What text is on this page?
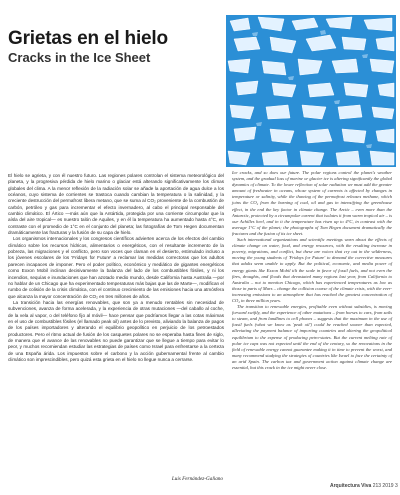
Grietas en el hielo
Cracks in the Ice Sheet

El hielo se agrieta, y con él nuestro futuro. Las regiones polares controlan el sistema meteorológico del planeta, y la progresiva pérdida de hielo marino o glaciar está alterando significativamente los climas globales del clima. A la menor reflexión de la radiación solar se añade la aportación de agua dulce a los océanos, cuyo sistema de corrientes se trastoca cuando cambian la temperatura o la salinidad, y la creciente destrucción del permafrost libera metano, que se suma al CO₂ proveniente de la combustión de carbón, petróleo y gas para incrementar el efecto invernadero, al cabo el principal responsable del cambio climático. El Ártico —más aún que la Antártida, protegida por una corriente circumpolar que la aísla del aire tropical— es nuestro talón de Aquiles, y en él la temperatura ha aumentado hasta 4°C, en contraste con el promedio de 1°C en el conjunto del planeta; las fotografías de Tom Hegen documentan dramáticamente las fracturas y la fusión de su capa de hielo.

Los organismos internacionales y los congresos científicos advierten acerca de los efectos del cambio climático sobre los recursos hídricos, alimentarios o energéticos, con el resultante incremento de la pobreza, las migraciones y el conflicto, pero son voces que claman en el desierto, estimulado incluso a los jóvenes escolares de los 'Fridays for Future' a reclamar las medidas correctoras que los adultos parecen incapaces de imponer. Pero el poder político, económico y mediático de gigantes energéticos como Exxon Mobil inclinan decisivamente la balanza del lado de los combustibles fósiles, y ni los incendios, sequías e inundaciones que han azotado medio mundo, desde California hasta Australia —por no hablar de un Chicago que ha experimentado temperaturas más bajas que las de Marte—, modifican el rumbo de colisión de la crisis climática, con el continuo crecimiento de las emisiones hacia una atmósfera que alcanza la mayor concentración de CO₂ en tres millones de años.

La transición hacia las energías renovables, que son ya a menudo rentables sin necesidad de subvenciones, avanza de forma acelerada, y la experiencia de otras mutaciones —del caballo al coche, de la vela al vapor, o del teléfono fijo al móvil— hace pensar que podríamos llegar a las cotas máximas en el uso de combustibles fósiles (el llamado peak oil) antes de lo previsto, aliviando la balanza de pagos de los países importadores y alterando el equilibrio geopolítico en perjuicio de los petroestados productores. Pero el ritmo actual de fusión de los casquetes polares no se esperaba hasta fines de siglo, de manera que el avance de las renovables no puede garantizar que se llegue a tiempo para evitar lo peor, y muchos recomiendan estudiar las estrategias de países como Israel para enfrentarse a la certeza de una España árida. Los impuestos sobre el carbono y la acción gubernamental frente al cambio climático son imprescindibles, pero quizá esta grieta en el hielo no llegue nunca a cerrarse.

Luis Fernández-Galiano

Ice cracks, and so does our future. The polar regions control the planet's weather system, and the gradual loss of marine or glacier ice is altering significantly the global dynamics of climate. To the lower reflection of solar radiation we must add the greater amount of freshwater in oceans, whose system of currents is affected by changes in temperature or salinity, while the thawing of the permafrost releases methane, which joins the CO₂ from the burning of coal, oil and gas in intensifying the greenhouse effect, in the end the key factor in climate change. The Arctic – even more than the Antarctic, protected by a circumpolar current that isolates it from warm tropical air – is our Achilles heel, and in it the temperature has risen up to 4°C, in contrast with the average 1°C of the planet; the photographs of Tom Hegen document dramatically the fractures and the fusion of its ice sheet.

Such international organizations and scientific meetings warn about the effects of climate change on water, food, and energy resources, with the resulting increase in poverty, migrations, and conflict, but these are voices that cry out in the wilderness, moving the young students of 'Fridays for Future' to demand the corrective measures that adults seem unable to apply. But the political, economic, and media power of energy giants like Exxon Mobil tilt the scale in favor of fossil fuels, and not even the fires, droughts, and floods that devastated many regions last year, from California to Australia – not to mention Chicago, which has experienced temperatures as low as those in parts of Mars – change the collision course of the climate crisis, with the ever-increasing emissions to an atmosphere that has reached the greatest concentration of CO₂ in three million years.

The transition to renewable energies, profitable even without subsidies, is moving forward swiftly, and the experience of other mutations – from horses to cars, from sails to steam, and from landlines to cell phones – suggests that the maximum in the use of fossil fuels (what we know as 'peak oil') could be reached sooner than expected, alleviating the payment balance of importing countries and altering the geopolitical equilibrium to the expense of producing petro-states. But the current melting rate of polar ice caps was not expected until the end of the century, so the renovations in the field of renewable energy cannot guarantee making it in time to prevent the worst, and many recommend studying the strategies of countries like Israel to face the certainty of an arid Spain. The carbon tax and government action against climate change are essential, but this crack in the ice might never close.

Arquitectura Viva 213 2019 3
